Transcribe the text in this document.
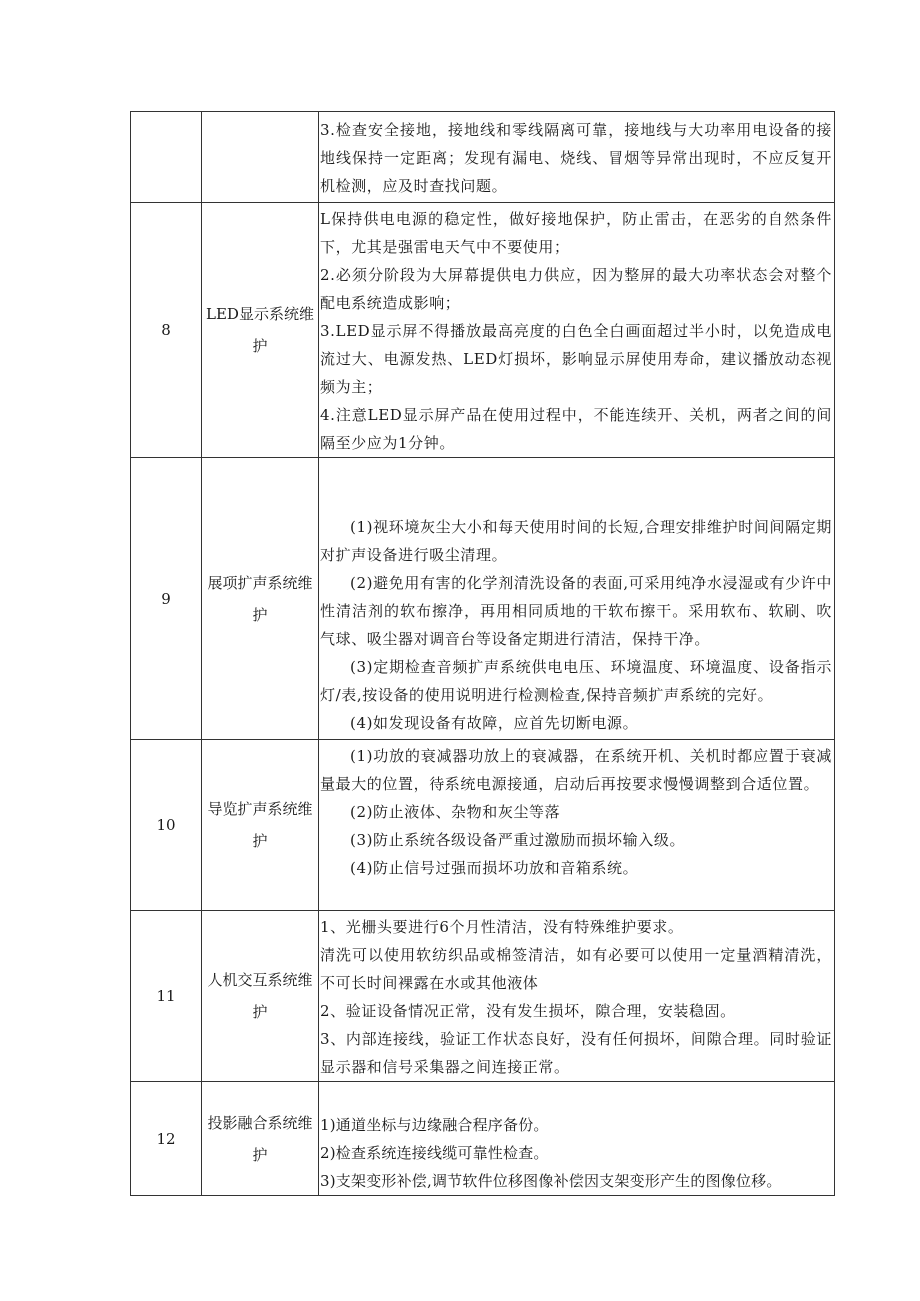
		3.检查安全接地，接地线和零线隔离可靠，接地线与大功率用电设备的接地线保持一定距离；发现有漏电、烧线、冒烟等异常出现时，不应反复开机检测，应及时查找问题。

8	LED显示系统维护	L保持供电电源的稳定性，做好接地保护，防止雷击，在恶劣的自然条件下，尤其是强雷电天气中不要使用；

2.必须分阶段为大屏幕提供电力供应，因为整屏的最大功率状态会对整个配电系统造成影响；

3.LED显示屏不得播放最高亮度的白色全白画面超过半小时，以免造成电流过大、电源发热、LED灯损坏，影响显示屏使用寿命，建议播放动态视频为主；

4.注意LED显示屏产品在使用过程中，不能连续开、关机，两者之间的间隔至少应为1分钟。

9	展项扩声系统维护	(1)视环境灰尘大小和每天使用时间的长短,合理安排维护时间间隔定期对扩声设备进行吸尘清理。

(2)避免用有害的化学剂清洗设备的表面,可采用纯净水浸湿或有少许中性清洁剂的软布擦净，再用相同质地的干软布擦干。采用软布、软刷、吹气球、吸尘器对调音台等设备定期进行清洁，保持干净。

(3)定期检查音频扩声系统供电电压、环境温度、环境温度、设备指示灯/表,按设备的使用说明进行检测检查,保持音频扩声系统的完好。

(4)如发现设备有故障，应首先切断电源。

10	导览扩声系统维护	(1)功放的衰减器功放上的衰减器，在系统开机、关机时都应置于衰减量最大的位置，待系统电源接通，启动后再按要求慢慢调整到合适位置。

(2)防止液体、杂物和灰尘等落

(3)防止系统各级设备严重过激励而损坏输入级。

(4)防止信号过强而损坏功放和音箱系统。

11	人机交互系统维护	1、光栅头要进行6个月性清洁，没有特殊维护要求。

清洗可以使用软纺织品或棉签清洁，如有必要可以使用一定量酒精清洗，不可长时间裸露在水或其他液体

2、验证设备情况正常，没有发生损坏，隙合理，安装稳固。

3、内部连接线，验证工作状态良好，没有任何损坏，间隙合理。同时验证显示器和信号采集器之间连接正常。

12	投影融合系统维护	1)通道坐标与边缘融合程序备份。

2)检查系统连接线缆可靠性检查。

3)支架变形补偿,调节软件位移图像补偿因支架变形产生的图像位移。
